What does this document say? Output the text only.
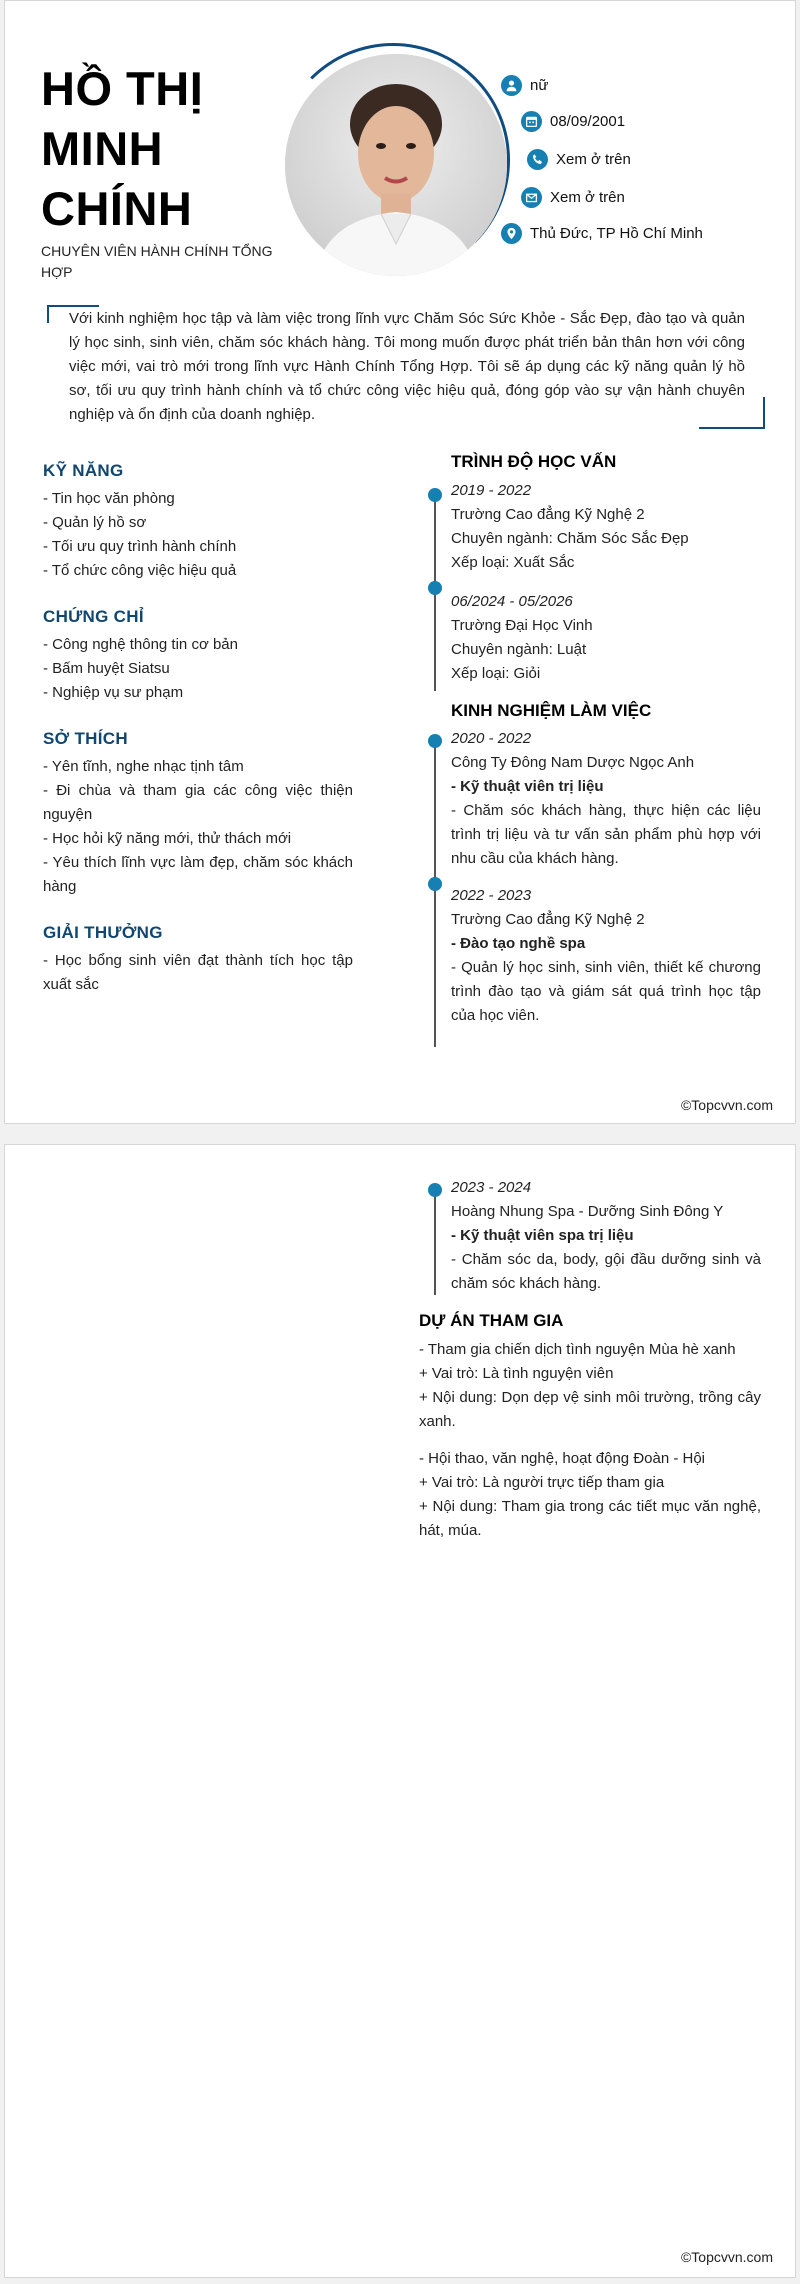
HỒ THỊ
MINH
CHÍNH
CHUYÊN VIÊN HÀNH CHÍNH TỔNG HỢP
nữ
08/09/2001
Xem ở trên
Xem ở trên
Thủ Đức, TP Hồ Chí Minh
Với kinh nghiệm học tập và làm việc trong lĩnh vực Chăm Sóc Sức Khỏe - Sắc Đẹp, đào tạo và quản lý học sinh, sinh viên, chăm sóc khách hàng. Tôi mong muốn được phát triển bản thân hơn với công việc mới, vai trò mới trong lĩnh vực Hành Chính Tổng Hợp. Tôi sẽ áp dụng các kỹ năng quản lý hồ sơ, tối ưu quy trình hành chính và tổ chức công việc hiệu quả, đóng góp vào sự vận hành chuyên nghiệp và ổn định của doanh nghiệp.
KỸ NĂNG
- Tin học văn phòng
- Quản lý hồ sơ
- Tối ưu quy trình hành chính
- Tổ chức công việc hiệu quả
CHỨNG CHỈ
- Công nghệ thông tin cơ bản
- Bấm huyệt Siatsu
- Nghiệp vụ sư phạm
SỞ THÍCH
- Yên tĩnh, nghe nhạc tịnh tâm
- Đi chùa và tham gia các công việc thiện nguyện
- Học hỏi kỹ năng mới, thử thách mới
- Yêu thích lĩnh vực làm đẹp, chăm sóc khách hàng
GIẢI THƯỞNG
- Học bổng sinh viên đạt thành tích học tập xuất sắc
TRÌNH ĐỘ HỌC VẤN
2019 - 2022
Trường Cao đẳng Kỹ Nghệ 2
Chuyên ngành: Chăm Sóc Sắc Đẹp
Xếp loại: Xuất Sắc
06/2024 - 05/2026
Trường Đại Học Vinh
Chuyên ngành: Luật
Xếp loại: Giỏi
KINH NGHIỆM LÀM VIỆC
2020 - 2022
Công Ty Đông Nam Dược Ngọc Anh
- Kỹ thuật viên trị liệu
- Chăm sóc khách hàng, thực hiện các liệu trình trị liệu và tư vấn sản phẩm phù hợp với nhu cầu của khách hàng.
2022 - 2023
Trường Cao đẳng Kỹ Nghệ 2
- Đào tạo nghề spa
- Quản lý học sinh, sinh viên, thiết kế chương trình đào tạo và giám sát quá trình học tập của học viên.
©Topcvvn.com
2023 - 2024
Hoàng Nhung Spa - Dưỡng Sinh Đông Y
- Kỹ thuật viên spa trị liệu
- Chăm sóc da, body, gội đầu dưỡng sinh và chăm sóc khách hàng.
DỰ ÁN THAM GIA
- Tham gia chiến dịch tình nguyện Mùa hè xanh
+ Vai trò: Là tình nguyện viên
+ Nội dung: Dọn dẹp vệ sinh môi trường, trồng cây xanh.
- Hội thao, văn nghệ, hoạt động Đoàn - Hội
+ Vai trò: Là người trực tiếp tham gia
+ Nội dung: Tham gia trong các tiết mục văn nghệ, hát, múa.
©Topcvvn.com
